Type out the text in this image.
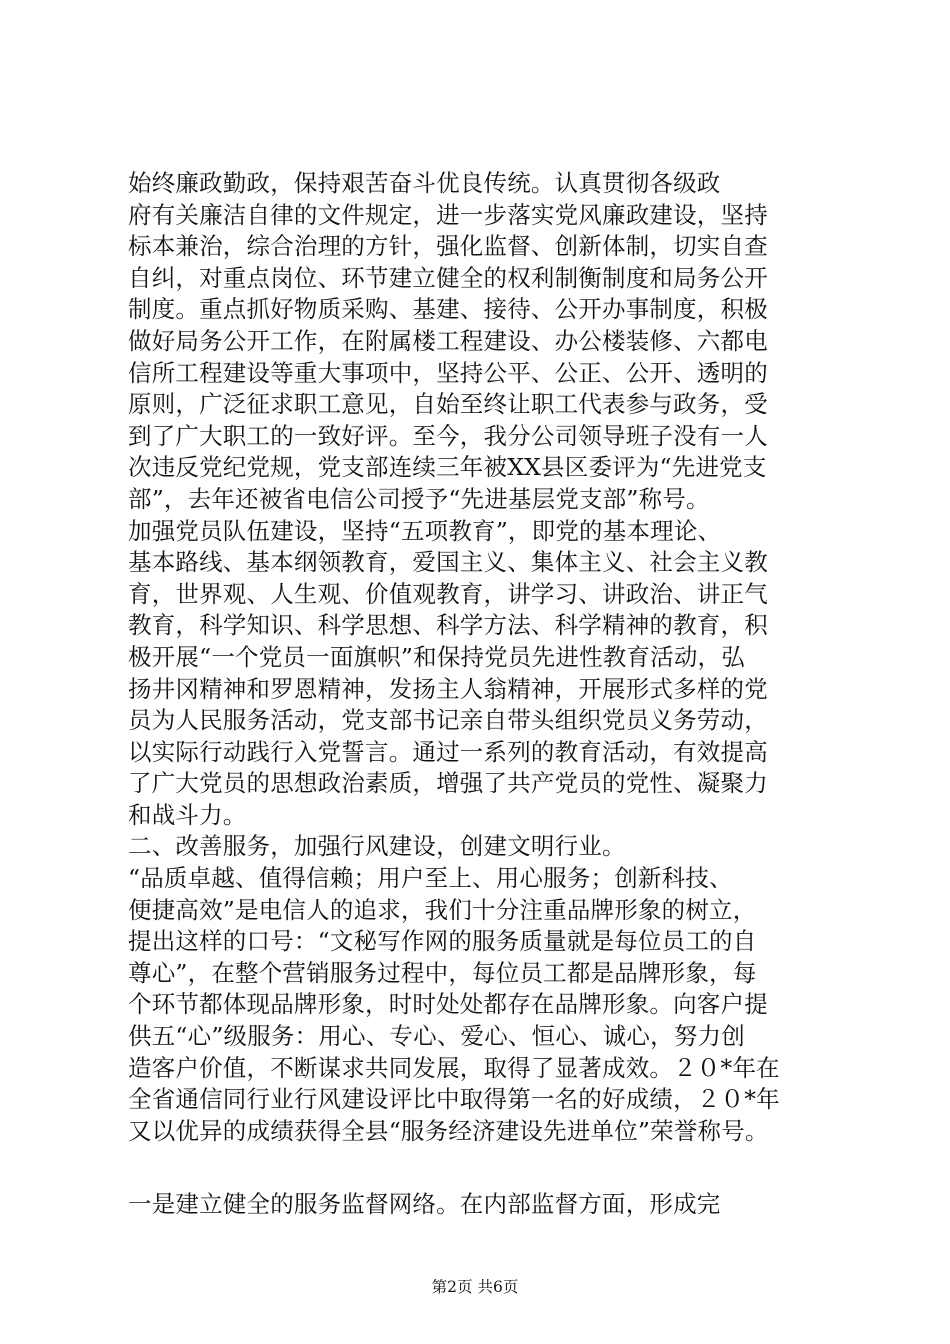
始终廉政勤政，保持艰苦奋斗优良传统。认真贯彻各级政
府有关廉洁自律的文件规定，进一步落实党风廉政建设，坚持
标本兼治，综合治理的方针，强化监督、创新体制，切实自查
自纠，对重点岗位、环节建立健全的权利制衡制度和局务公开
制度。重点抓好物质采购、基建、接待、公开办事制度，积极
做好局务公开工作，在附属楼工程建设、办公楼装修、六都电
信所工程建设等重大事项中，坚持公平、公正、公开、透明的
原则，广泛征求职工意见，自始至终让职工代表参与政务，受
到了广大职工的一致好评。至今，我分公司领导班子没有一人
次违反党纪党规，党支部连续三年被XX县区委评为“先进党支
部”，去年还被省电信公司授予“先进基层党支部”称号。
加强党员队伍建设，坚持“五项教育”，即党的基本理论、
基本路线、基本纲领教育，爱国主义、集体主义、社会主义教
育，世界观、人生观、价值观教育，讲学习、讲政治、讲正气
教育，科学知识、科学思想、科学方法、科学精神的教育，积
极开展“一个党员一面旗帜”和保持党员先进性教育活动，弘
扬井冈精神和罗恩精神，发扬主人翁精神，开展形式多样的党
员为人民服务活动，党支部书记亲自带头组织党员义务劳动，
以实际行动践行入党誓言。通过一系列的教育活动，有效提高
了广大党员的思想政治素质，增强了共产党员的党性、凝聚力
和战斗力。
二、改善服务，加强行风建设，创建文明行业。
“品质卓越、值得信赖；用户至上、用心服务；创新科技、
便捷高效”是电信人的追求，我们十分注重品牌形象的树立，
提出这样的口号：“文秘写作网的服务质量就是每位员工的自
尊心”，在整个营销服务过程中，每位员工都是品牌形象，每
个环节都体现品牌形象，时时处处都存在品牌形象。向客户提
供五“心”级服务：用心、专心、爱心、恒心、诚心，努力创
造客户价值，不断谋求共同发展，取得了显著成效。２０*年在
全省通信同行业行风建设评比中取得第一名的好成绩，２０*年
又以优异的成绩获得全县“服务经济建设先进单位”荣誉称号。
一是建立健全的服务监督网络。在内部监督方面，形成完
第2页 共6页
